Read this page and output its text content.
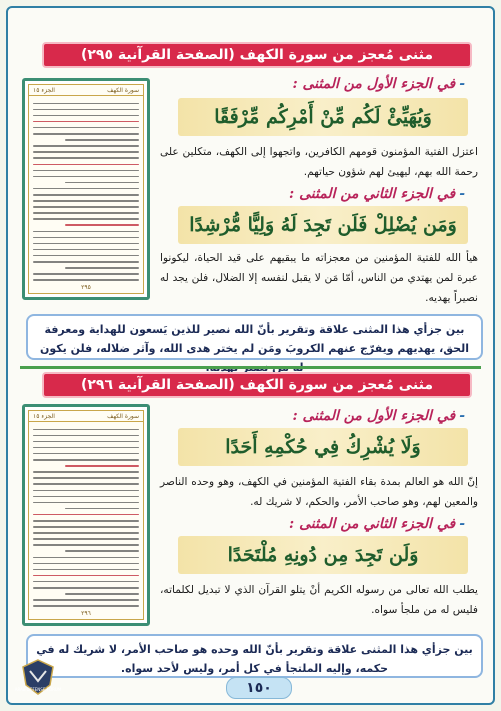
مثنى مُعجز من سورة الكهف (الصفحة القرآنية ٢٩٥)
سورة الكهف
الجزء ١٥
٢٩٥
-في الجزء الأول من المثنى :
وَيُهَيِّئْ لَكُم مِّنْ أَمْرِكُم مِّرْفَقًا
اعتزل الفتية المؤمنون قومهم الكافرين، واتجهوا إلى الكهف، متكلين على رحمة الله بهم، ليهيئ لهم شؤون حياتهم.
-في الجزء الثاني من المثنى :
وَمَن يُضْلِلْ فَلَن تَجِدَ لَهُ وَلِيًّا مُّرْشِدًا
هيأ الله للفتية المؤمنين من معجزاته ما يبقيهم على قيد الحياة، ليكونوا عبرة لمن يهتدي من الناس، أمّا مَن لا يقبل لنفسه إلا الضلال، فلن يجد له نصيراً يهديه.
بين جزأي هذا المثنى علاقة وتقرير بأنّ الله نصير للذين يَسعون للهداية ومعرفة الحق، يهديهم ويفرّج عنهم الكروبَ ومَن لم يختر هدى الله، وآثر ضلاله، فلن يكون
مثنى مُعجز من سورة الكهف (الصفحة القرآنية ٢٩٦)
سورة الكهف
الجزء ١٥
٢٩٦
-في الجزء الأول من المثنى :
وَلَا يُشْرِكُ فِي حُكْمِهِ أَحَدًا
إنّ الله هو العالم بمدة بقاء الفتية المؤمنين في الكهف، وهو وحده الناصر والمعين لهم، وهو صاحب الأمر، والحكم، لا شريك له.
-في الجزء الثاني من المثنى :
وَلَن تَجِدَ مِن دُونِهِ مُلْتَحَدًا
يطلب الله تعالى من رسوله الكريم أنْ يتلو القرآن الذي لا تبديل لكلماته، فليس له من ملجأ سواه.
بين جزأي هذا المثنى علاقة وتقرير بأنّ الله وحده هو صاحب الأمر، لا شريك له في حكمه، وإليه الملتجأ في كل أمر، وليس لأحد سواه.
ARAB DEFENSE FORUM	١٥٠
